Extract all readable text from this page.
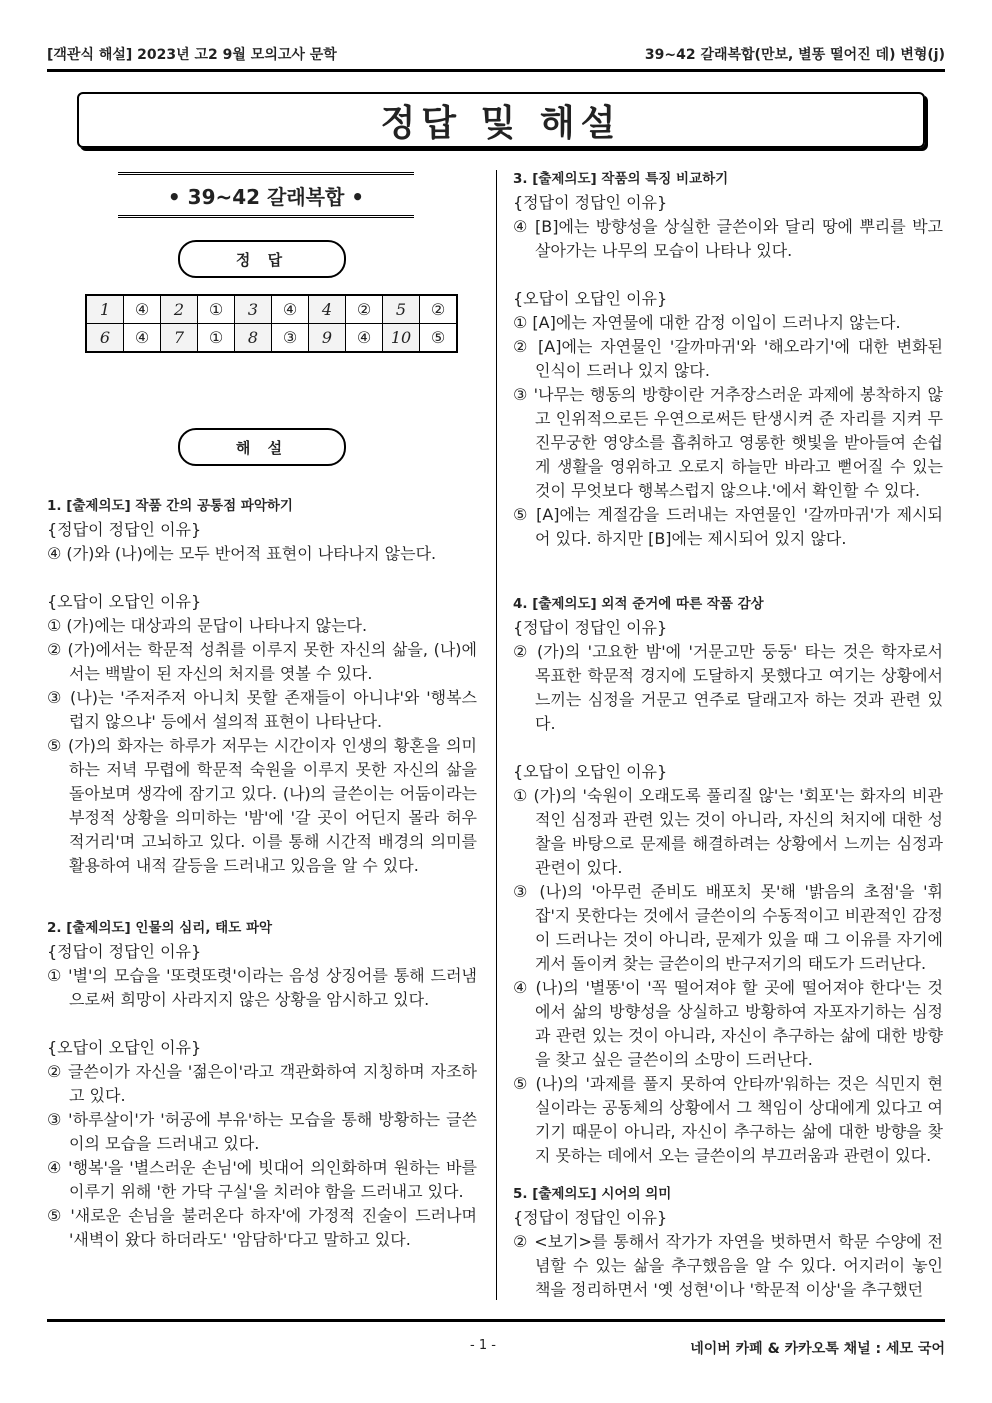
[객관식 해설] 2023년 고2 9월 모의고사 문학	39~42 갈래복합(만보, 별똥 떨어진 데) 변형(j)
정답 및 해설
• 39~42 갈래복합 •
정 답
1	④	2	①	3	④	4	②	5	②
6	④	7	①	8	③	9	④	10	⑤
해 설

1. [출제의도] 작품 간의 공통점 파악하기

{정답이 정답인 이유}

④ (가)와 (나)에는 모두 반어적 표현이 나타나지 않는다.

{오답이 오답인 이유}

① (가)에는 대상과의 문답이 나타나지 않는다.

② (가)에서는 학문적 성취를 이루지 못한 자신의 삶을, (나)에서는 백발이 된 자신의 처지를 엿볼 수 있다.

③ (나)는 '주저주저 아니치 못할 존재들이 아니냐'와 '행복스럽지 않으냐' 등에서 설의적 표현이 나타난다.

⑤ (가)의 화자는 하루가 저무는 시간이자 인생의 황혼을 의미하는 저녁 무렵에 학문적 숙원을 이루지 못한 자신의 삶을 돌아보며 생각에 잠기고 있다. (나)의 글쓴이는 어둠이라는 부정적 상황을 의미하는 '밤'에 '갈 곳이 어딘지 몰라 허우적거리'며 고뇌하고 있다. 이를 통해 시간적 배경의 의미를 활용하여 내적 갈등을 드러내고 있음을 알 수 있다.

2. [출제의도] 인물의 심리, 태도 파악

{정답이 정답인 이유}

① '별'의 모습을 '또렷또렷'이라는 음성 상징어를 통해 드러냄으로써 희망이 사라지지 않은 상황을 암시하고 있다.

{오답이 오답인 이유}

② 글쓴이가 자신을 '젊은이'라고 객관화하여 지칭하며 자조하고 있다.

③ '하루살이'가 '허공에 부유'하는 모습을 통해 방황하는 글쓴이의 모습을 드러내고 있다.

④ '행복'을 '별스러운 손님'에 빗대어 의인화하며 원하는 바를 이루기 위해 '한 가닥 구실'을 치러야 함을 드러내고 있다.

⑤ '새로운 손님을 불러온다 하자'에 가정적 진술이 드러나며 '새벽이 왔다 하더라도' '암담하'다고 말하고 있다.

3. [출제의도] 작품의 특징 비교하기

{정답이 정답인 이유}

④ [B]에는 방향성을 상실한 글쓴이와 달리 땅에 뿌리를 박고 살아가는 나무의 모습이 나타나 있다.

{오답이 오답인 이유}

① [A]에는 자연물에 대한 감정 이입이 드러나지 않는다.

② [A]에는 자연물인 '갈까마귀'와 '해오라기'에 대한 변화된 인식이 드러나 있지 않다.

③ '나무는 행동의 방향이란 거추장스러운 과제에 봉착하지 않고 인위적으로든 우연으로써든 탄생시켜 준 자리를 지켜 무진무궁한 영양소를 흡취하고 영롱한 햇빛을 받아들여 손쉽게 생활을 영위하고 오로지 하늘만 바라고 뻗어질 수 있는 것이 무엇보다 행복스럽지 않으냐.'에서 확인할 수 있다.

⑤ [A]에는 계절감을 드러내는 자연물인 '갈까마귀'가 제시되어 있다. 하지만 [B]에는 제시되어 있지 않다.

4. [출제의도] 외적 준거에 따른 작품 감상

{정답이 정답인 이유}

② (가)의 '고요한 밤'에 '거문고만 둥둥' 타는 것은 학자로서 목표한 학문적 경지에 도달하지 못했다고 여기는 상황에서 느끼는 심정을 거문고 연주로 달래고자 하는 것과 관련 있다.

{오답이 오답인 이유}

① (가)의 '숙원이 오래도록 풀리질 않'는 '회포'는 화자의 비관적인 심정과 관련 있는 것이 아니라, 자신의 처지에 대한 성찰을 바탕으로 문제를 해결하려는 상황에서 느끼는 심정과 관련이 있다.

③ (나)의 '아무런 준비도 배포치 못'해 '밝음의 초점'을 '휘잡'지 못한다는 것에서 글쓴이의 수동적이고 비관적인 감정이 드러나는 것이 아니라, 문제가 있을 때 그 이유를 자기에게서 돌이켜 찾는 글쓴이의 반구저기의 태도가 드러난다.

④ (나)의 '별똥'이 '꼭 떨어져야 할 곳에 떨어져야 한다'는 것에서 삶의 방향성을 상실하고 방황하여 자포자기하는 심정과 관련 있는 것이 아니라, 자신이 추구하는 삶에 대한 방향을 찾고 싶은 글쓴이의 소망이 드러난다.

⑤ (나)의 '과제를 풀지 못하여 안타까'워하는 것은 식민지 현실이라는 공동체의 상황에서 그 책임이 상대에게 있다고 여기기 때문이 아니라, 자신이 추구하는 삶에 대한 방향을 찾지 못하는 데에서 오는 글쓴이의 부끄러움과 관련이 있다.

5. [출제의도] 시어의 의미

{정답이 정답인 이유}

② <보기>를 통해서 작가가 자연을 벗하면서 학문 수양에 전념할 수 있는 삶을 추구했음을 알 수 있다. 어지러이 놓인 책을 정리하면서 '옛 성현'이나 '학문적 이상'을 추구했던

- 1 -	네이버 카페 & 카카오톡 채널 : 세모 국어
